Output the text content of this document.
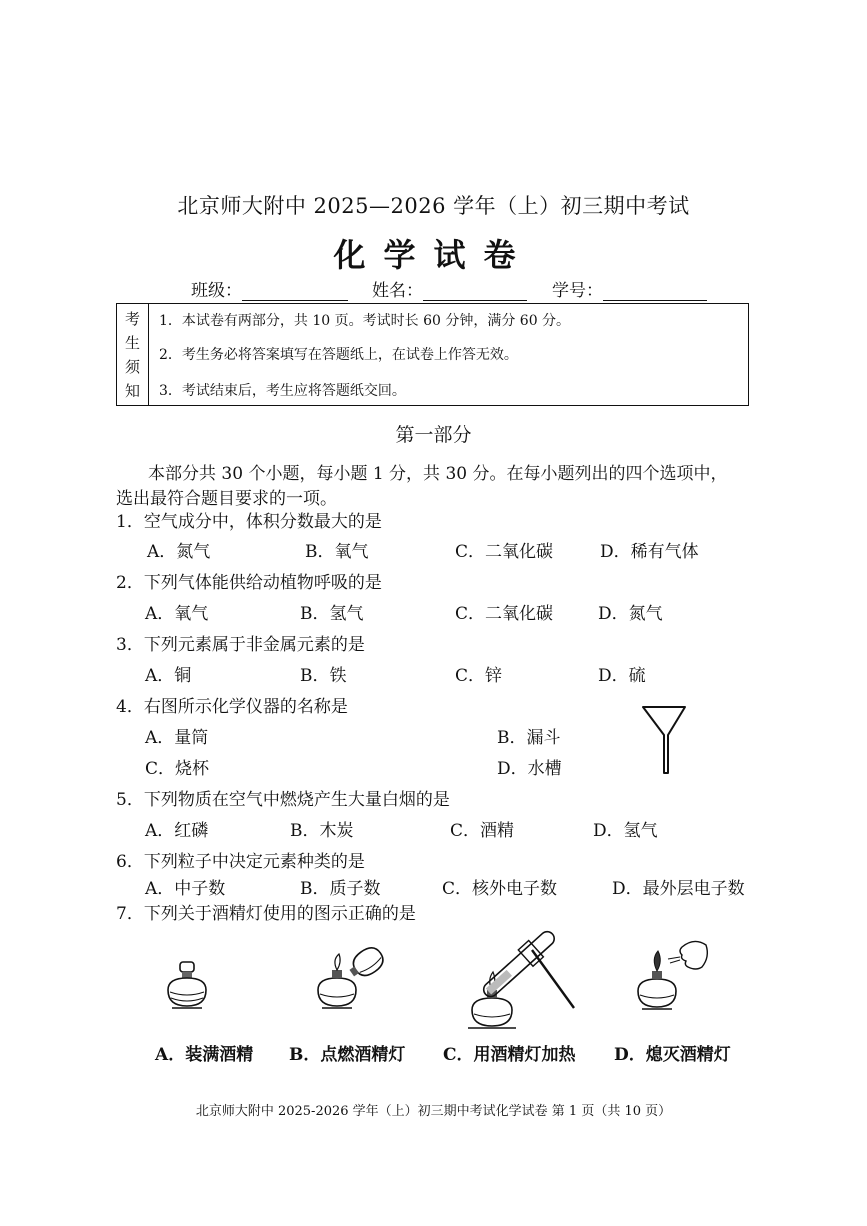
北京师大附中 2025—2026 学年（上）初三期中考试
化学试卷
班级：	姓名：	学号：
考
生
须
知
1．本试卷有两部分，共 10 页。考试时长 60 分钟，满分 60 分。
2．考生务必将答案填写在答题纸上，在试卷上作答无效。
3．考试结束后，考生应将答题纸交回。
第一部分
本部分共 30 个小题，每小题 1 分，共 30 分。在每小题列出的四个选项中，
选出最符合题目要求的一项。
1．空气成分中，体积分数最大的是
A．氮气	B．氧气	C．二氧化碳	D．稀有气体
2．下列气体能供给动植物呼吸的是
A．氧气	B．氢气	C．二氧化碳	D．氮气
3．下列元素属于非金属元素的是
A．铜	B．铁	C．锌	D．硫
4．右图所示化学仪器的名称是
A．量筒	B．漏斗
C．烧杯	D．水槽
5．下列物质在空气中燃烧产生大量白烟的是
A．红磷	B．木炭	C．酒精	D．氢气
6．下列粒子中决定元素种类的是
A．中子数	B．质子数	C．核外电子数	D．最外层电子数
7．下列关于酒精灯使用的图示正确的是
A．装满酒精 B．点燃酒精灯 C．用酒精灯加热 D．熄灭酒精灯
北京师大附中 2025-2026 学年（上）初三期中考试化学试卷 第 1 页（共 10 页）
